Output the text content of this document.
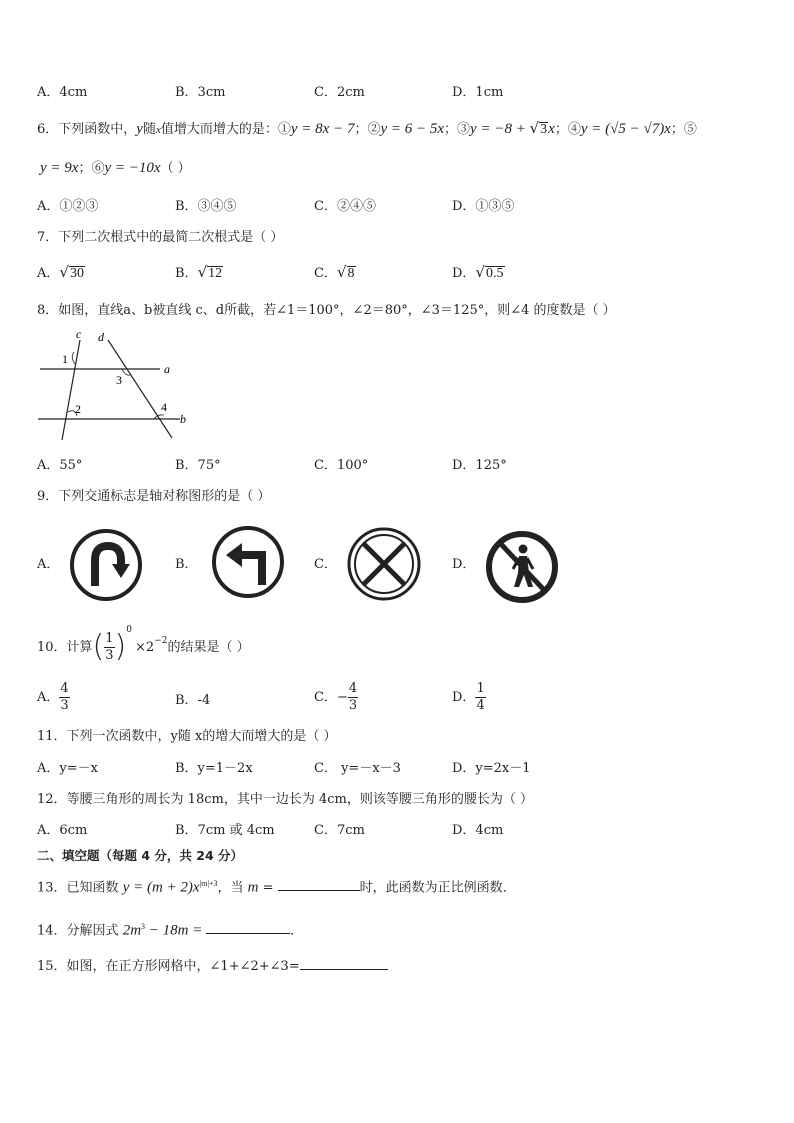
A．4cm	B．3cm	C．2cm	D．1cm
6．下列函数中，y随x值增大而增大的是：①y = 8x − 7；②y = 6 − 5x；③y = −8 + √3x；④y = (√5 − √7)x；⑤
y = 9x；⑥y = −10x（ ）
A．①②③	B．③④⑤	C．②④⑤	D．①③⑤
7．下列二次根式中的最简二次根式是（ ）
A．√30	B．√12	C．√8	D．√0.5
8．如图，直线a、b被直线 c、d所截，若∠1＝100°，∠2＝80°，∠3＝125°，则∠4 的度数是（ ）
c d
a
b
1
2
3
4
A．55°	B．75°	C．100°	D．125°
9．下列交通标志是轴对称图形的是（ ）
A．	B．	C．	D．
10．计算 ( $\frac{1}{3}$ ) 0
×2 −2 的结果是（ ）
A． $\frac{4}{3}$	B．-4	C．− $\frac{4}{3}$	D． $\frac{1}{4}$
11．下列一次函数中，y随 x的增大而增大的是（ ）
A．y=－x	B．y=1－2x	C． y=－x－3	D．y=2x－1
12．等腰三角形的周长为 18cm，其中一边长为 4cm，则该等腰三角形的腰长为（ ）
A．6cm	B．7cm 或 4cm	C．7cm	D．4cm
二、填空题（每题 4 分，共 24 分）
13．已知函数 $y = (m + 2)x^{|m|+3}$，当 m =	时，此函数为正比例函数．
14．分解因式 $2m^3 - 18m$ =	．
15．如图，在正方形网格中，∠1+∠2+∠3=
